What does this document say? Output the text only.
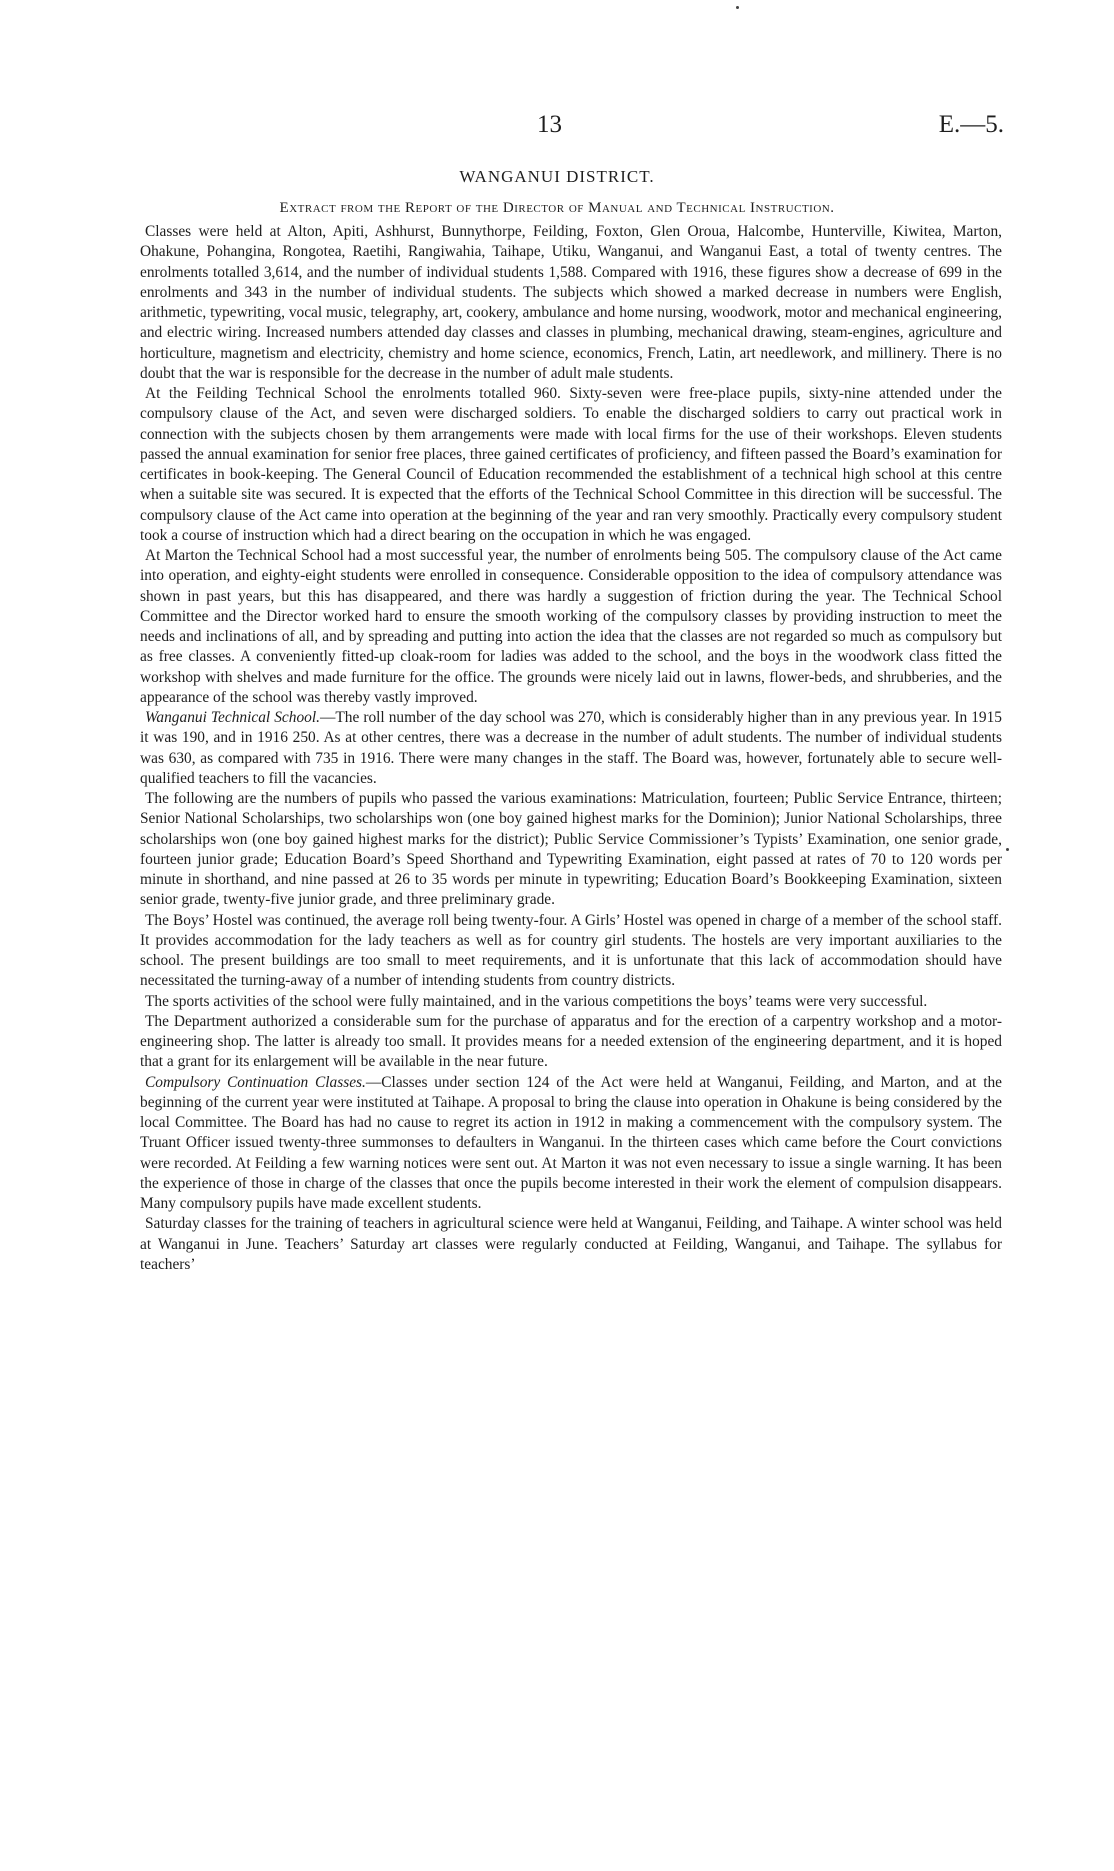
13	E.—5.
WANGANUI DISTRICT.
Extract from the Report of the Director of Manual and Technical Instruction.

Classes were held at Alton, Apiti, Ashhurst, Bunnythorpe, Feilding, Foxton, Glen Oroua, Halcombe, Hunterville, Kiwitea, Marton, Ohakune, Pohangina, Rongotea, Raetihi, Rangiwahia, Taihape, Utiku, Wanganui, and Wanganui East, a total of twenty centres. The enrolments totalled 3,614, and the number of individual students 1,588. Compared with 1916, these figures show a decrease of 699 in the enrolments and 343 in the number of individual students. The subjects which showed a marked decrease in numbers were English, arithmetic, typewriting, vocal music, telegraphy, art, cookery, ambulance and home nursing, woodwork, motor and mechanical engineering, and electric wiring. Increased numbers attended day classes and classes in plumbing, mechanical drawing, steam-engines, agriculture and horticulture, magnetism and electricity, chemistry and home science, economics, French, Latin, art needlework, and millinery. There is no doubt that the war is responsible for the decrease in the number of adult male students.

At the Feilding Technical School the enrolments totalled 960. Sixty-seven were free-place pupils, sixty-nine attended under the compulsory clause of the Act, and seven were discharged soldiers. To enable the discharged soldiers to carry out practical work in connection with the subjects chosen by them arrangements were made with local firms for the use of their workshops. Eleven students passed the annual examination for senior free places, three gained certificates of proficiency, and fifteen passed the Board’s examination for certificates in book-keeping. The General Council of Education recommended the establishment of a technical high school at this centre when a suitable site was secured. It is expected that the efforts of the Technical School Committee in this direction will be successful. The compulsory clause of the Act came into operation at the beginning of the year and ran very smoothly. Practically every compulsory student took a course of instruction which had a direct bearing on the occupation in which he was engaged.

At Marton the Technical School had a most successful year, the number of enrolments being 505. The compulsory clause of the Act came into operation, and eighty-eight students were enrolled in consequence. Considerable opposition to the idea of compulsory attendance was shown in past years, but this has disappeared, and there was hardly a suggestion of friction during the year. The Technical School Committee and the Director worked hard to ensure the smooth working of the compulsory classes by providing instruction to meet the needs and inclinations of all, and by spreading and putting into action the idea that the classes are not regarded so much as compulsory but as free classes. A conveniently fitted-up cloak-room for ladies was added to the school, and the boys in the woodwork class fitted the workshop with shelves and made furniture for the office. The grounds were nicely laid out in lawns, flower-beds, and shrubberies, and the appearance of the school was thereby vastly improved.

Wanganui Technical School.—The roll number of the day school was 270, which is considerably higher than in any previous year. In 1915 it was 190, and in 1916 250. As at other centres, there was a decrease in the number of adult students. The number of individual students was 630, as compared with 735 in 1916. There were many changes in the staff. The Board was, however, fortunately able to secure well-qualified teachers to fill the vacancies.

The following are the numbers of pupils who passed the various examinations: Matriculation, fourteen; Public Service Entrance, thirteen; Senior National Scholarships, two scholarships won (one boy gained highest marks for the Dominion); Junior National Scholarships, three scholarships won (one boy gained highest marks for the district); Public Service Commissioner’s Typists’ Examination, one senior grade, fourteen junior grade; Education Board’s Speed Shorthand and Typewriting Examination, eight passed at rates of 70 to 120 words per minute in shorthand, and nine passed at 26 to 35 words per minute in typewriting; Education Board’s Bookkeeping Examination, sixteen senior grade, twenty-five junior grade, and three preliminary grade.

The Boys’ Hostel was continued, the average roll being twenty-four. A Girls’ Hostel was opened in charge of a member of the school staff. It provides accommodation for the lady teachers as well as for country girl students. The hostels are very important auxiliaries to the school. The present buildings are too small to meet requirements, and it is unfortunate that this lack of accommodation should have necessitated the turning-away of a number of intending students from country districts.

The sports activities of the school were fully maintained, and in the various competitions the boys’ teams were very successful.

The Department authorized a considerable sum for the purchase of apparatus and for the erection of a carpentry workshop and a motor-engineering shop. The latter is already too small. It provides means for a needed extension of the engineering department, and it is hoped that a grant for its enlargement will be available in the near future.

Compulsory Continuation Classes.—Classes under section 124 of the Act were held at Wanganui, Feilding, and Marton, and at the beginning of the current year were instituted at Taihape. A proposal to bring the clause into operation in Ohakune is being considered by the local Committee. The Board has had no cause to regret its action in 1912 in making a commencement with the compulsory system. The Truant Officer issued twenty-three summonses to defaulters in Wanganui. In the thirteen cases which came before the Court convictions were recorded. At Feilding a few warning notices were sent out. At Marton it was not even necessary to issue a single warning. It has been the experience of those in charge of the classes that once the pupils become interested in their work the element of compulsion disappears. Many compulsory pupils have made excellent students.

Saturday classes for the training of teachers in agricultural science were held at Wanganui, Feilding, and Taihape. A winter school was held at Wanganui in June. Teachers’ Saturday art classes were regularly conducted at Feilding, Wanganui, and Taihape. The syllabus for teachers’
